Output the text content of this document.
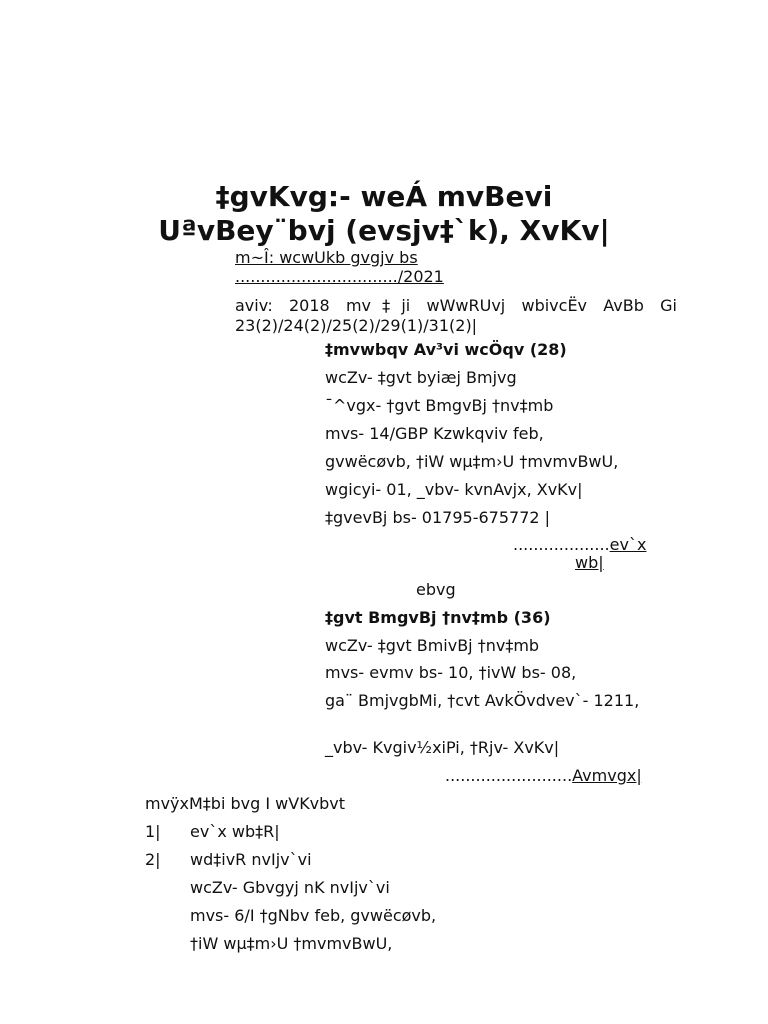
‡gvKvg:- weÁ mvBevi
UªvBey¨bvj (evsjv‡`k), XvKv|
m~Î: wcwUkb gvgjv bs
................................/2021
aviv: 2018 mv‡ji wWwRUvj wbivcËv AvBb Gi 23(2)/24(2)/25(2)/29(1)/31(2)|
‡mvwbqv Av³vi wcÖqv (28)
wcZv- ‡gvt byiæj Bmjvg
¯^vgx- †gvt BmgvBj †nv‡mb
mvs- 14/GBP Kzwkqviv feb,
gvwëcøvb, †iW wµ‡m›U †mvmvBwU,
wgicyi- 01, _vbv- kvnAvjx, XvKv|
‡gvevBj bs- 01795-675772 |
...................ev`x
wb|
ebvg
‡gvt BmgvBj †nv‡mb (36)
wcZv- ‡gvt BmivBj †nv‡mb
mvs- evmv bs- 10, †ivW bs- 08,
ga¨ BmjvgbMi, †cvt AvkÖvdvev`- 1211,
_vbv- Kvgiv½xiPi, †Rjv- XvKv|
.........................Avmvgx|
mvÿxM‡bi bvg I wVKvbvt
1| ev`x wb‡R|
2| wd‡ivR nvIjv`vi
wcZv- Gbvgyj nK nvIjv`vi
mvs- 6/I †gNbv feb, gvwëcøvb,
†iW wµ‡m›U †mvmvBwU,
